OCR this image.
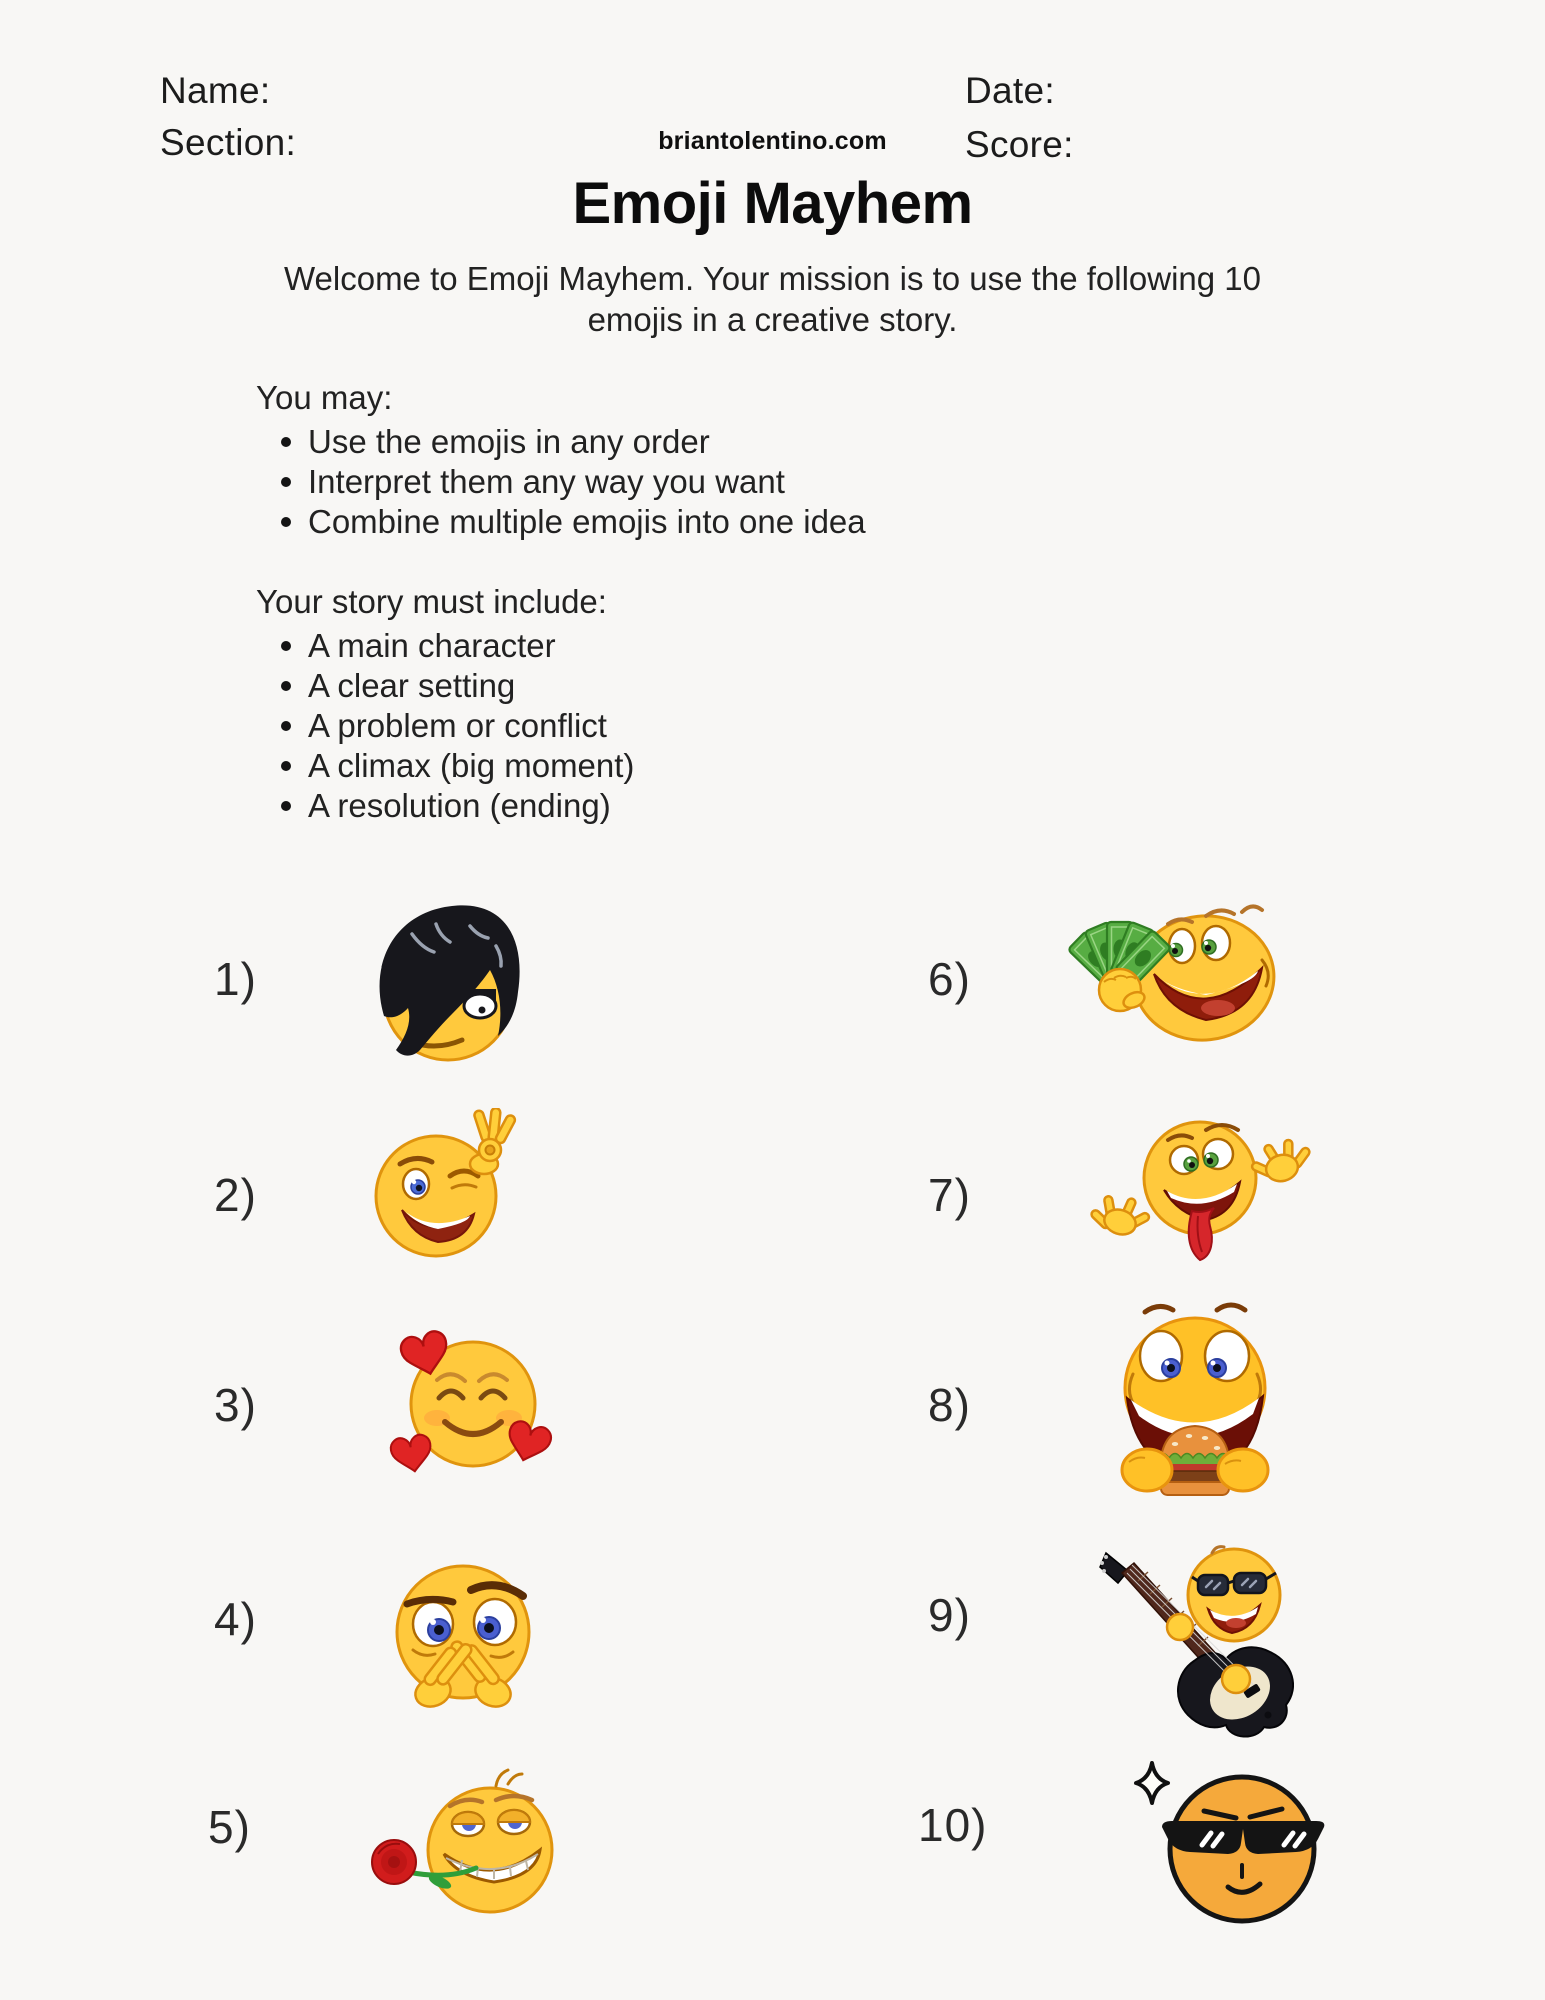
Name:	Date:
Section:	Score:
briantolentino.com
Emoji Mayhem
Welcome to Emoji Mayhem. Your mission is to use the following 10
emojis in a creative story.

You may:

Use the emojis in any order
Interpret them any way you want
Combine multiple emojis into one idea

Your story must include:

A main character
A clear setting
A problem or conflict
A climax (big moment)
A resolution (ending)
1)
2)
3)
4)
5)
6)
7)
8)
9)
10)
